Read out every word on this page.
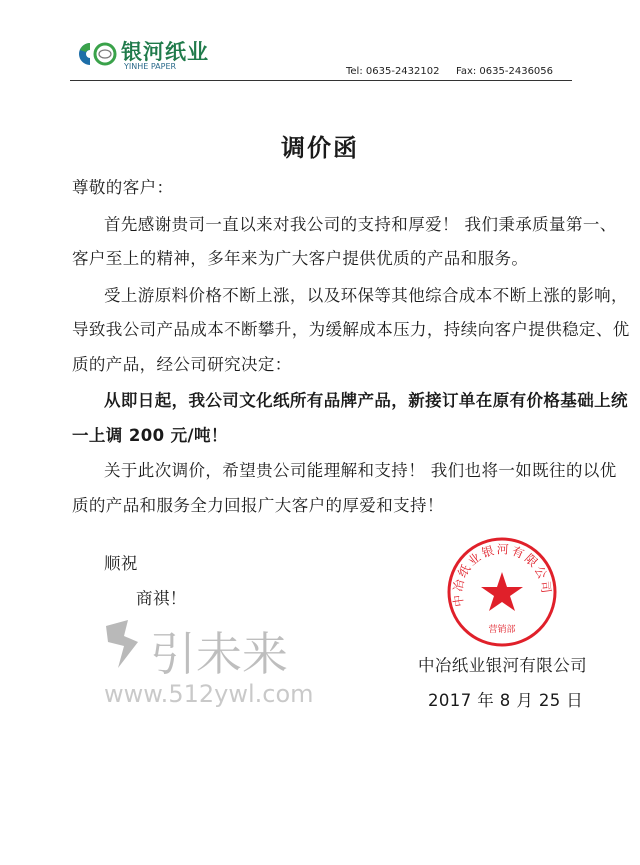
银河纸业
YINHE PAPER	Tel: 0635-2432102 Fax: 0635-2436056
调价函
尊敬的客户：
首先感谢贵司一直以来对我公司的支持和厚爱！ 我们秉承质量第一、
客户至上的精神，多年来为广大客户提供优质的产品和服务。
受上游原料价格不断上涨，以及环保等其他综合成本不断上涨的影响，
导致我公司产品成本不断攀升，为缓解成本压力，持续向客户提供稳定、优
质的产品，经公司研究决定：
从即日起，我公司文化纸所有品牌产品，新接订单在原有价格基础上统
一上调 200 元/吨！
关于此次调价，希望贵公司能理解和支持！ 我们也将一如既往的以优
质的产品和服务全力回报广大客户的厚爱和支持！
顺祝
商祺！
引未来
www.512ywl.com
中冶纸业银河有限公司
营销部
中冶纸业银河有限公司
2017 年 8 月 25 日
